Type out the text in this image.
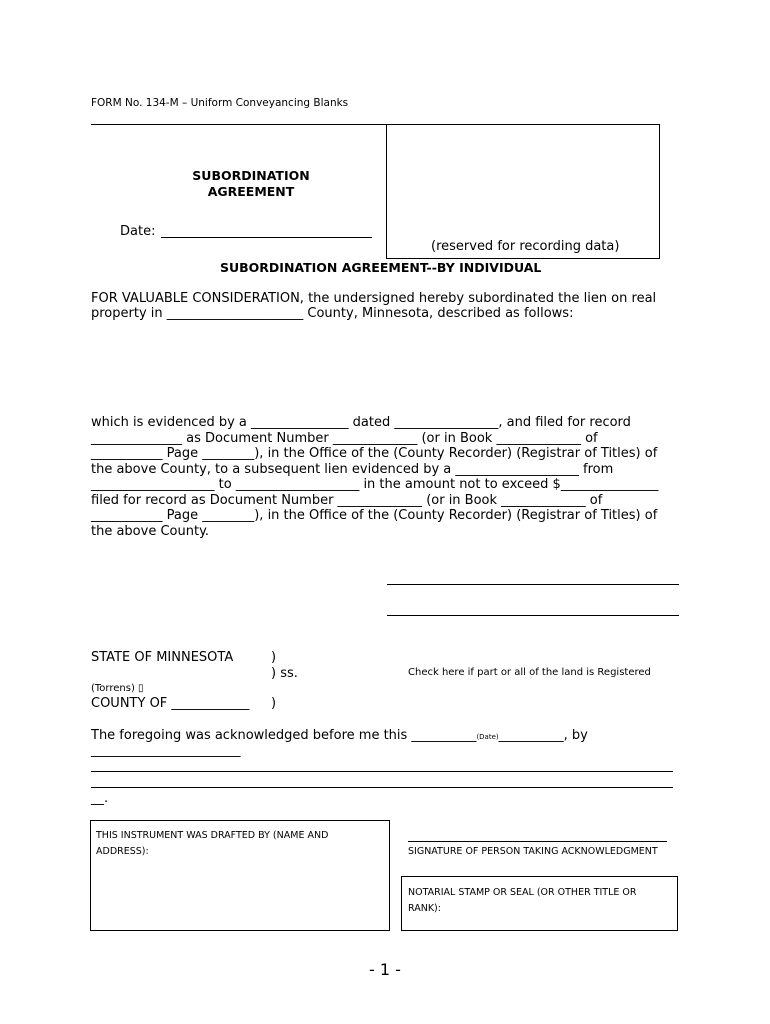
FORM No. 134-M – Uniform Conveyancing Blanks
SUBORDINATION
AGREEMENT
Date:
(reserved for recording data)
SUBORDINATION AGREEMENT--BY INDIVIDUAL
FOR VALUABLE CONSIDERATION, the undersigned hereby subordinated the lien on real
property in _____________________ County, Minnesota, described as follows:
which is evidenced by a _______________ dated ________________, and filed for record
______________ as Document Number _____________ (or in Book _____________ of
___________ Page ________), in the Office of the (County Recorder) (Registrar of Titles) of
the above County, to a subsequent lien evidenced by a ___________________ from
___________________ to ___________________ in the amount not to exceed $_______________
filed for record as Document Number _____________ (or in Book _____________ of
___________ Page ________), in the Office of the (County Recorder) (Registrar of Titles) of
the above County.
STATE OF MINNESOTA	)
) ss.	Check here if part or all of the land is Registered
(Torrens) ▯
COUNTY OF ____________ )
The foregoing was acknowledged before me this __________(Date)__________, by
_______________________
__.
THIS INSTRUMENT WAS DRAFTED BY (NAME AND
ADDRESS):	SIGNATURE OF PERSON TAKING ACKNOWLEDGMENT
NOTARIAL STAMP OR SEAL (OR OTHER TITLE OR
RANK):
- 1 -
